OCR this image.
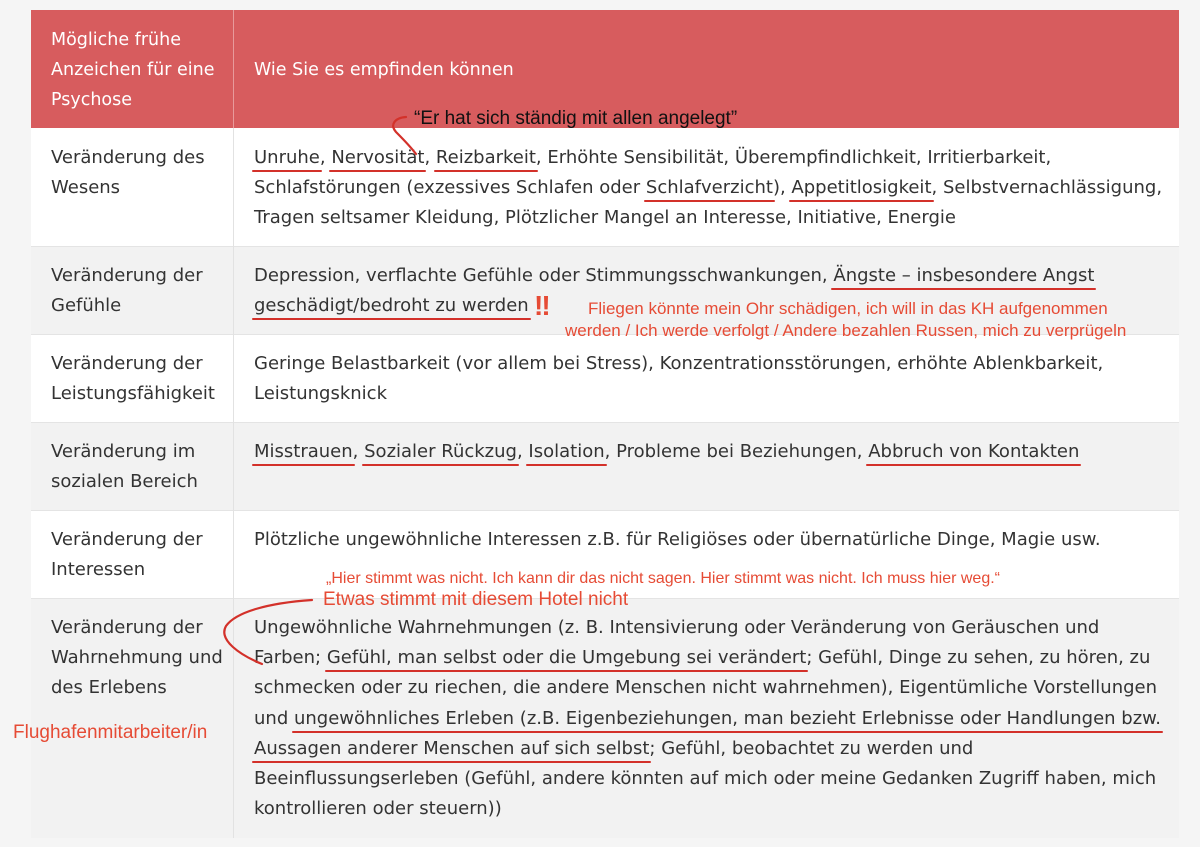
Mögliche frühe Anzeichen für eine Psychose
Wie Sie es empfinden können
Veränderung des Wesens
Unruhe, Nervosität, Reizbarkeit, Erhöhte Sensibilität, Überempfindlichkeit, Irritierbarkeit, Schlafstörungen (exzessives Schlafen oder Schlafverzicht), Appetitlosigkeit, Selbstvernachlässigung, Tragen seltsamer Kleidung, Plötzlicher Mangel an Interesse, Initiative, Energie
Veränderung der Gefühle
Depression, verflachte Gefühle oder Stimmungsschwankungen, Ängste – insbesondere Angst
geschädigt/bedroht zu werden
Veränderung der Leistungsfähigkeit
Geringe Belastbarkeit (vor allem bei Stress), Konzentrationsstörungen, erhöhte Ablenkbarkeit, Leistungsknick
Veränderung im sozialen Bereich
Misstrauen, Sozialer Rückzug, Isolation, Probleme bei Beziehungen, Abbruch von Kontakten
Veränderung der Interessen
Plötzliche ungewöhnliche Interessen z.B. für Religiöses oder übernatürliche Dinge, Magie usw.
Veränderung der Wahrnehmung und des Erlebens
Ungewöhnliche Wahrnehmungen (z. B. Intensivierung oder Veränderung von Geräuschen und Farben; Gefühl, man selbst oder die Umgebung sei verändert; Gefühl, Dinge zu sehen, zu hören, zu schmecken oder zu riechen, die andere Menschen nicht wahrnehmen), Eigentümliche Vorstellungen und ungewöhnliches Erleben (z.B. Eigenbeziehungen, man bezieht Erlebnisse oder Handlungen bzw. Aussagen anderer Menschen auf sich selbst; Gefühl, beobachtet zu werden und Beeinflussungserleben (Gefühl, andere könnten auf mich oder meine Gedanken Zugriff haben, mich kontrollieren oder steuern))
“Er hat sich ständig mit allen angelegt”
!! Fliegen könnte mein Ohr schädigen, ich will in das KH aufgenommen
werden / Ich werde verfolgt / Andere bezahlen Russen, mich zu verprügeln
„Hier stimmt was nicht. Ich kann dir das nicht sagen. Hier stimmt was nicht. Ich muss hier weg.“
Etwas stimmt mit diesem Hotel nicht
Flughafenmitarbeiter/in
